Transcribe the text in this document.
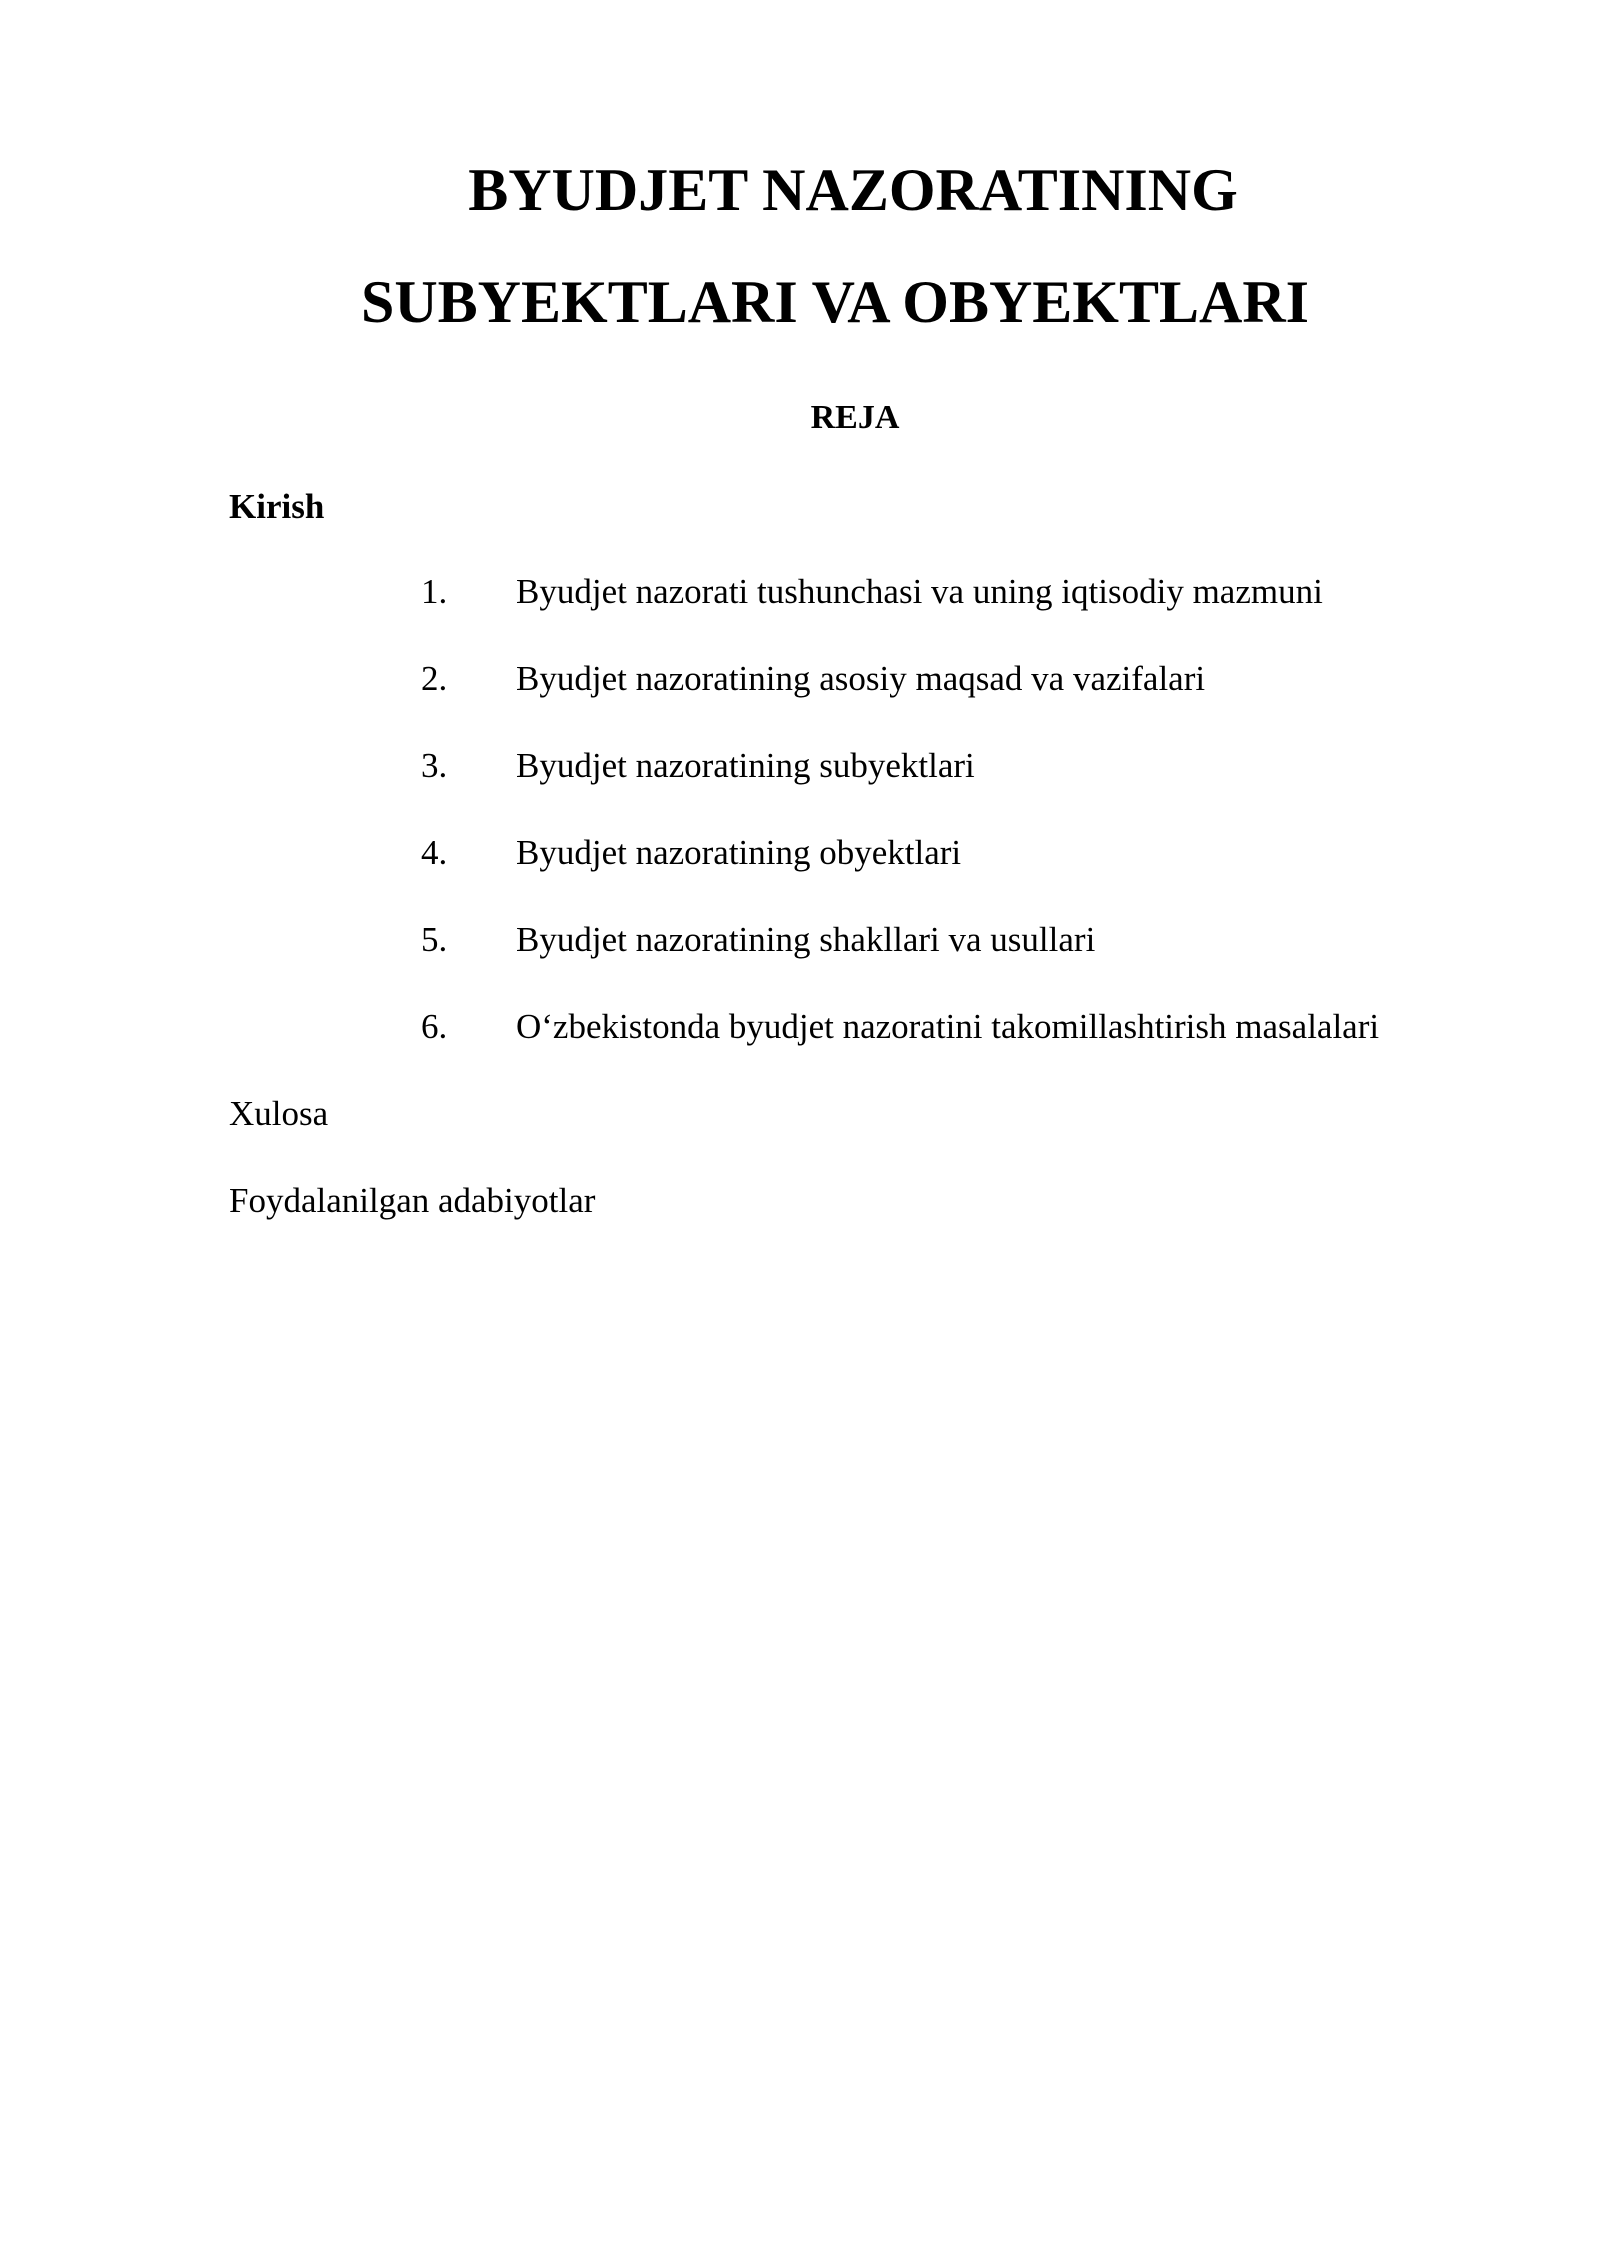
BYUDJET NAZORATINING
SUBYEKTLARI VA OBYEKTLARI
REJA
Kirish
1. Byudjet nazorati tushunchasi va uning iqtisodiy mazmuni
2. Byudjet nazoratining asosiy maqsad va vazifalari
3. Byudjet nazoratining subyektlari
4. Byudjet nazoratining obyektlari
5. Byudjet nazoratining shakllari va usullari
6. O‘zbekistonda byudjet nazoratini takomillashtirish masalalari
Xulosa
Foydalanilgan adabiyotlar
